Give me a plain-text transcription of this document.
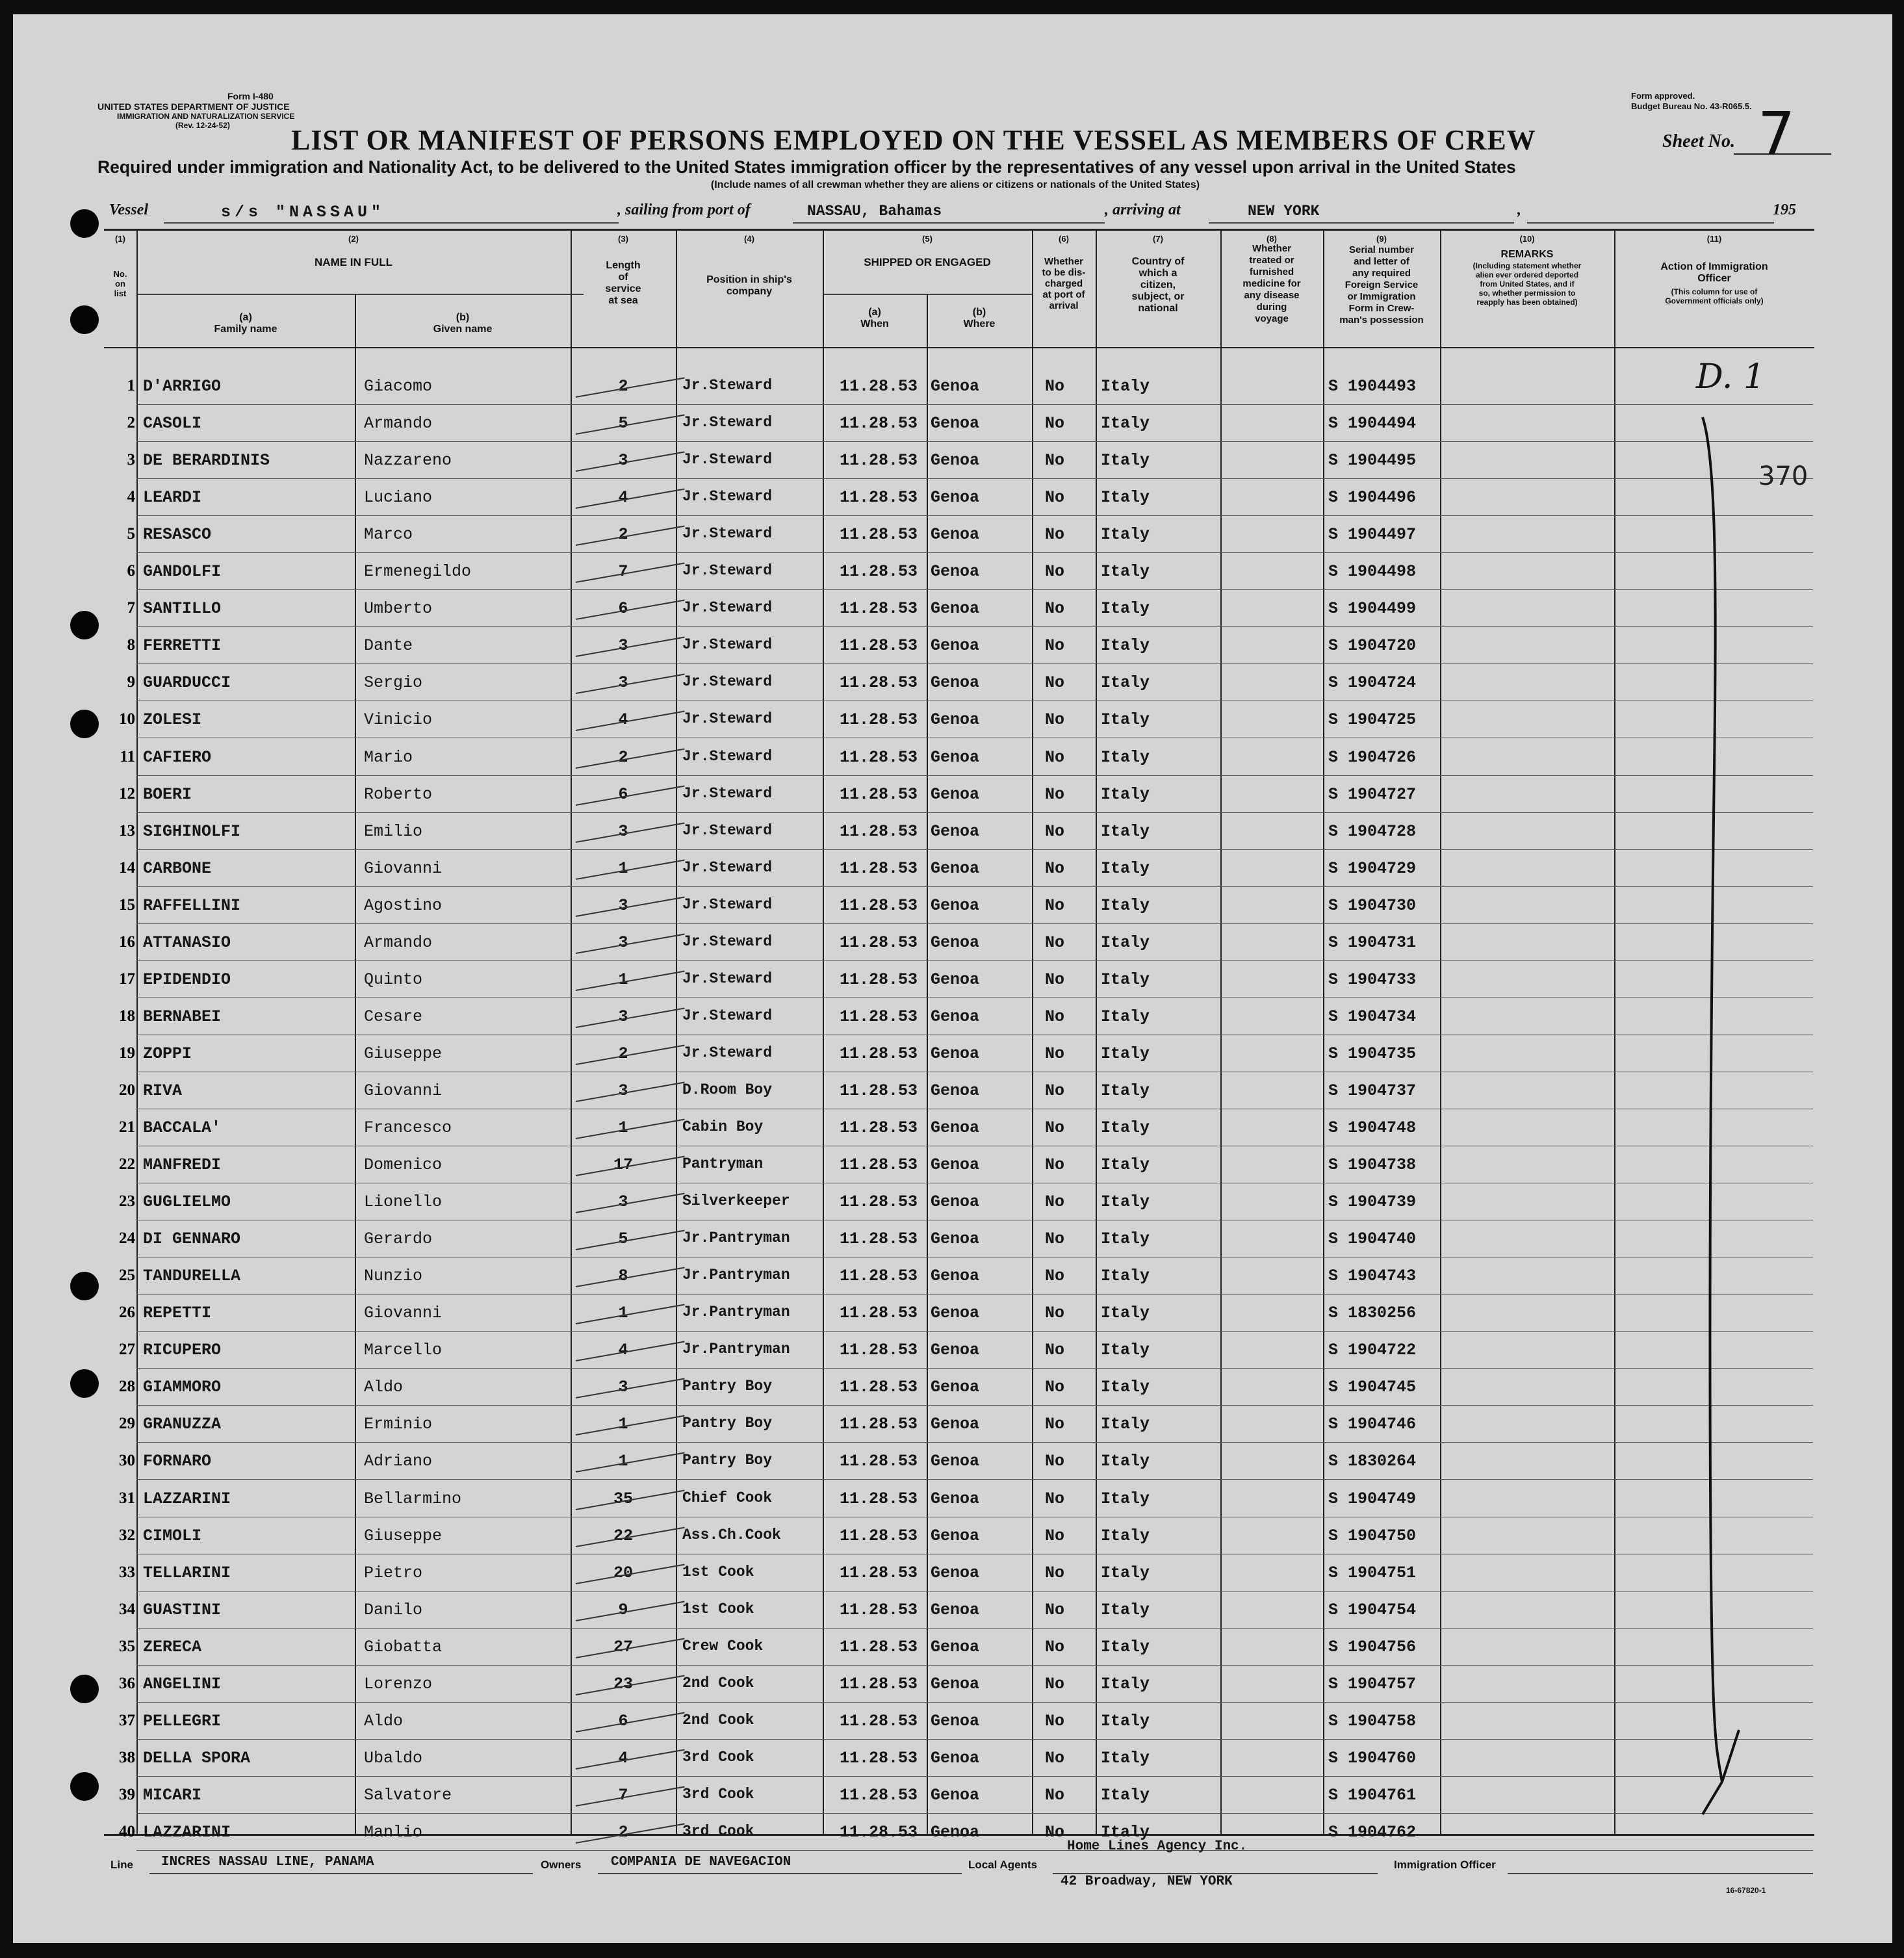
Form I-480
UNITED STATES DEPARTMENT OF JUSTICE
IMMIGRATION AND NATURALIZATION SERVICE
(Rev. 12-24-52)
Form approved.
Budget Bureau No. 43-R065.5.
LIST OR MANIFEST OF PERSONS EMPLOYED ON THE VESSEL AS MEMBERS OF CREW	Sheet No. 7
Required under immigration and Nationality Act, to be delivered to the United States immigration officer by the representatives of any vessel upon arrival in the United States
(Include names of all crewman whether they are aliens or citizens or nationals of the United States)
Vessel	s/s "NASSAU"	, sailing from port of	NASSAU, Bahamas	, arriving at	NEW YORK	,	195
(1)
No.
on
list
(2)
NAME IN FULL
(a)
Family name
(b)
Given name
(3)
Length
of
service
at sea
(4)
Position in ship's
company
(5)
SHIPPED OR ENGAGED
(a)
When
(b)
Where
(6)
Whether
to be dis-
charged
at port of
arrival
(7)
Country of
which a
citizen,
subject, or
national
(8)
Whether
treated or
furnished
medicine for
any disease
during
voyage
(9)
Serial number
and letter of
any required
Foreign Service
or Immigration
Form in Crew-
man's possession
(10)
REMARKS
(Including statement whether
alien ever ordered deported
from United States, and if
so, whether permission to
reapply has been obtained)
(11)
Action of Immigration
Officer
(This column for use of
Government officials only)
1 D'ARRIGO	Giacomo	2	Jr.Steward	11.28.53 Genoa	No Italy	S 1904493
2 CASOLI	Armando	5	Jr.Steward	11.28.53 Genoa	No Italy	S 1904494
3 DE BERARDINIS	Nazzareno	3	Jr.Steward	11.28.53 Genoa	No Italy	S 1904495
4 LEARDI	Luciano	4	Jr.Steward	11.28.53 Genoa	No Italy	S 1904496
5 RESASCO	Marco	2	Jr.Steward	11.28.53 Genoa	No Italy	S 1904497
6 GANDOLFI	Ermenegildo	7	Jr.Steward	11.28.53 Genoa	No Italy	S 1904498
7 SANTILLO	Umberto	6	Jr.Steward	11.28.53 Genoa	No Italy	S 1904499
8 FERRETTI	Dante	3	Jr.Steward	11.28.53 Genoa	No Italy	S 1904720
9 GUARDUCCI	Sergio	3	Jr.Steward	11.28.53 Genoa	No Italy	S 1904724
10 ZOLESI	Vinicio	4	Jr.Steward	11.28.53 Genoa	No Italy	S 1904725
11 CAFIERO	Mario	2	Jr.Steward	11.28.53 Genoa	No Italy	S 1904726
12 BOERI	Roberto	6	Jr.Steward	11.28.53 Genoa	No Italy	S 1904727
13 SIGHINOLFI	Emilio	3	Jr.Steward	11.28.53 Genoa	No Italy	S 1904728
14 CARBONE	Giovanni	1	Jr.Steward	11.28.53 Genoa	No Italy	S 1904729
15 RAFFELLINI	Agostino	3	Jr.Steward	11.28.53 Genoa	No Italy	S 1904730
16 ATTANASIO	Armando	3	Jr.Steward	11.28.53 Genoa	No Italy	S 1904731
17 EPIDENDIO	Quinto	1	Jr.Steward	11.28.53 Genoa	No Italy	S 1904733
18 BERNABEI	Cesare	3	Jr.Steward	11.28.53 Genoa	No Italy	S 1904734
19 ZOPPI	Giuseppe	2	Jr.Steward	11.28.53 Genoa	No Italy	S 1904735
20 RIVA	Giovanni	3	D.Room Boy	11.28.53 Genoa	No Italy	S 1904737
21 BACCALA'	Francesco	1	Cabin Boy	11.28.53 Genoa	No Italy	S 1904748
22 MANFREDI	Domenico	17	Pantryman	11.28.53 Genoa	No Italy	S 1904738
23 GUGLIELMO	Lionello	3	Silverkeeper	11.28.53 Genoa	No Italy	S 1904739
24 DI GENNARO	Gerardo	5	Jr.Pantryman	11.28.53 Genoa	No Italy	S 1904740
25 TANDURELLA	Nunzio	8	Jr.Pantryman	11.28.53 Genoa	No Italy	S 1904743
26 REPETTI	Giovanni	1	Jr.Pantryman	11.28.53 Genoa	No Italy	S 1830256
27 RICUPERO	Marcello	4	Jr.Pantryman	11.28.53 Genoa	No Italy	S 1904722
28 GIAMMORO	Aldo	3	Pantry Boy	11.28.53 Genoa	No Italy	S 1904745
29 GRANUZZA	Erminio	1	Pantry Boy	11.28.53 Genoa	No Italy	S 1904746
30 FORNARO	Adriano	1	Pantry Boy	11.28.53 Genoa	No Italy	S 1830264
31 LAZZARINI	Bellarmino	35	Chief Cook	11.28.53 Genoa	No Italy	S 1904749
32 CIMOLI	Giuseppe	22	Ass.Ch.Cook	11.28.53 Genoa	No Italy	S 1904750
33 TELLARINI	Pietro	20	1st Cook	11.28.53 Genoa	No Italy	S 1904751
34 GUASTINI	Danilo	9	1st Cook	11.28.53 Genoa	No Italy	S 1904754
35 ZERECA	Giobatta	27	Crew Cook	11.28.53 Genoa	No Italy	S 1904756
36 ANGELINI	Lorenzo	23	2nd Cook	11.28.53 Genoa	No Italy	S 1904757
37 PELLEGRI	Aldo	6	2nd Cook	11.28.53 Genoa	No Italy	S 1904758
38 DELLA SPORA	Ubaldo	4	3rd Cook	11.28.53 Genoa	No Italy	S 1904760
39 MICARI	Salvatore	7	3rd Cook	11.28.53 Genoa	No Italy	S 1904761
40 LAZZARINI	Manlio	2	3rd Cook	11.28.53 Genoa	No Italy	S 1904762
D. 1
370
Line INCRES NASSAU LINE, PANAMA	Owners COMPANIA DE NAVEGACION	Local Agents
Home Lines Agency Inc.
42 Broadway, NEW YORK
Immigration Officer
16-67820-1
